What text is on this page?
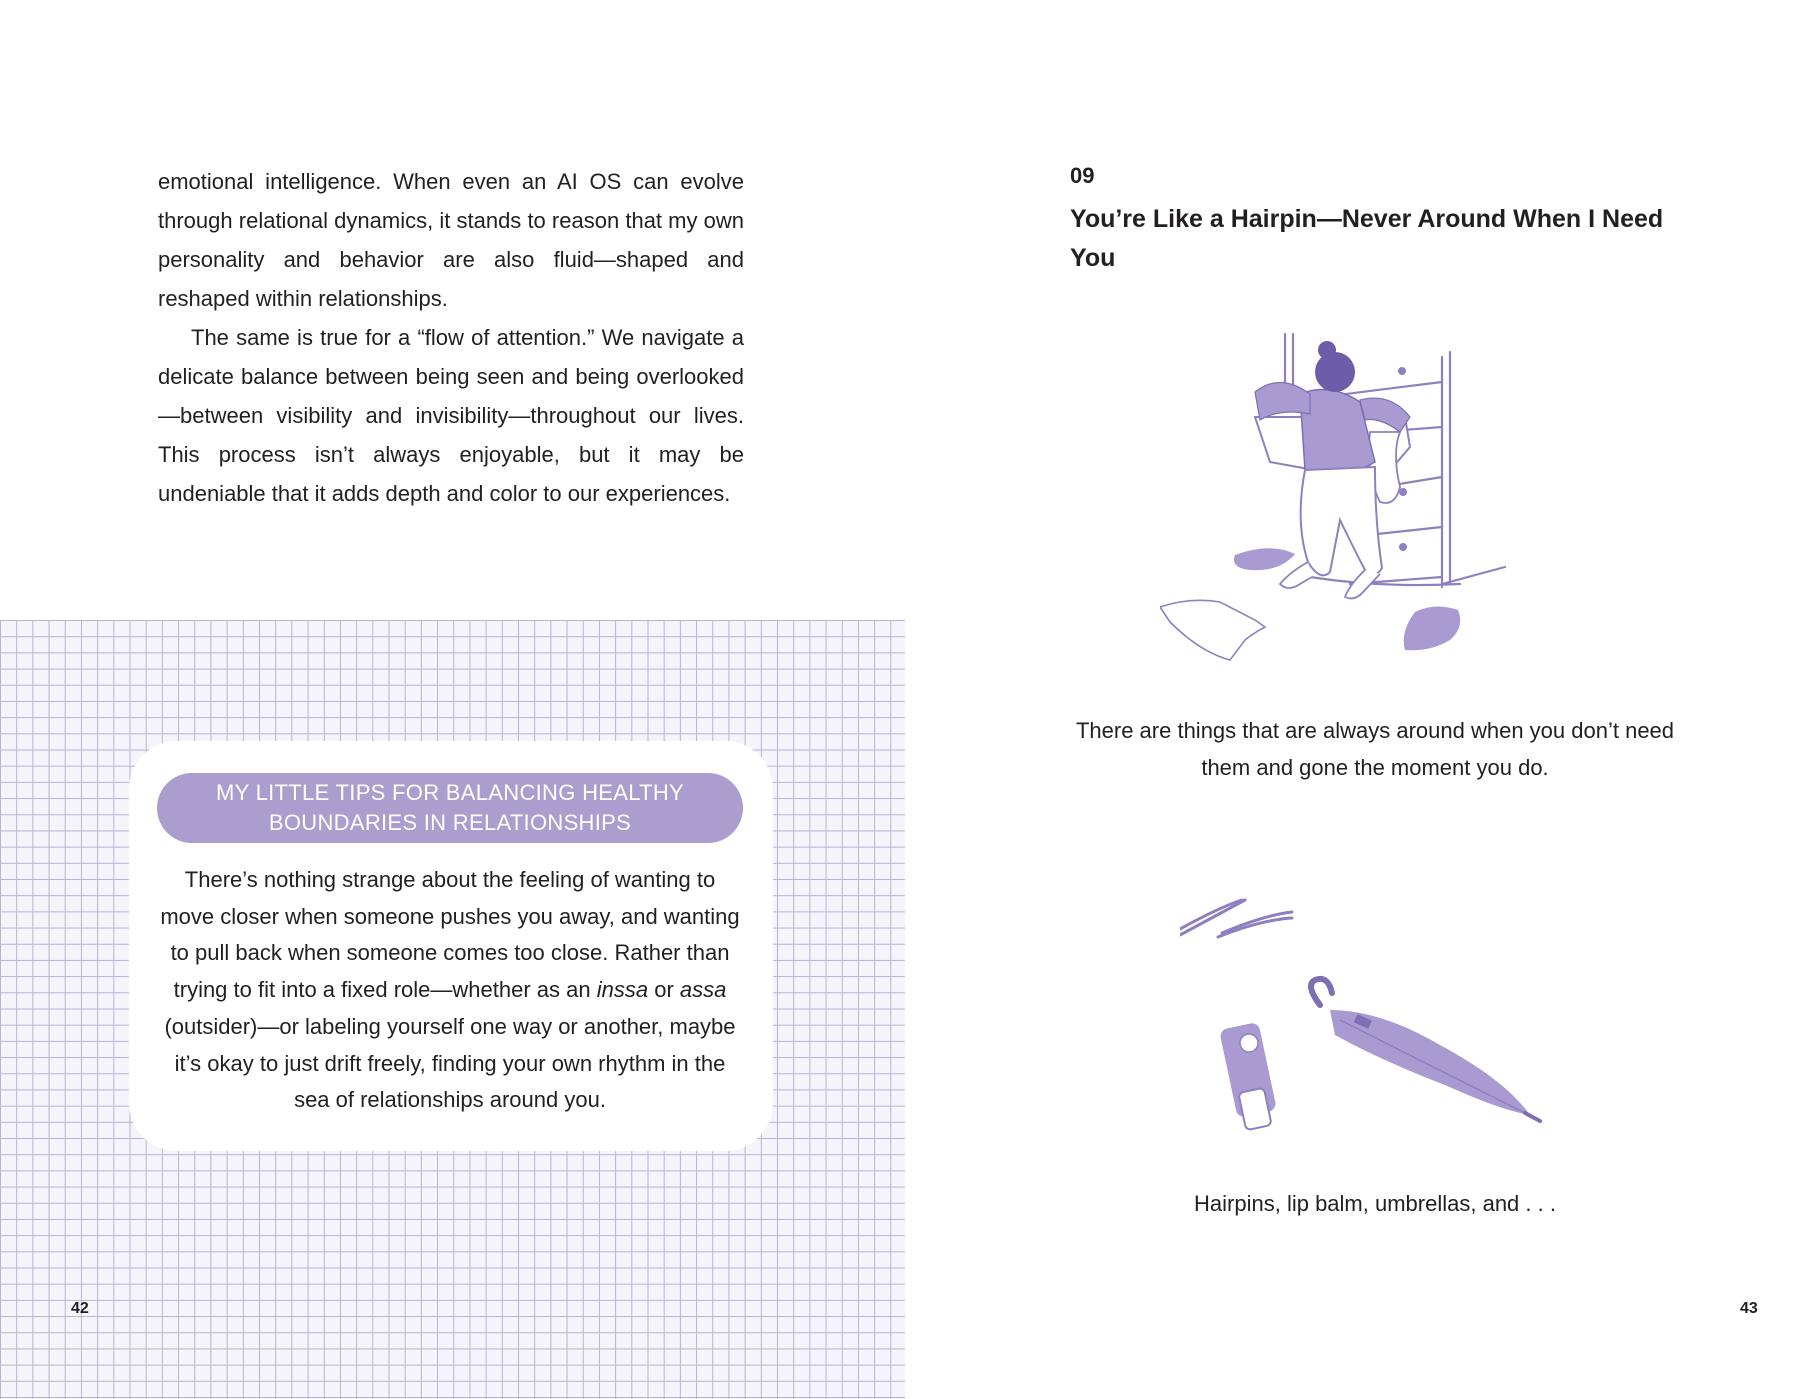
emotional intelligence. When even an AI OS can evolve through relational dynamics, it stands to reason that my own personality and behavior are also fluid—shaped and reshaped within relationships.

The same is true for a “flow of attention.” We navigate a delicate balance between being seen and being overlooked—between visibility and invisibility—throughout our lives. This process isn’t always enjoyable, but it may be undeniable that it adds depth and color to our experiences.

MY LITTLE TIPS FOR BALANCING HEALTHY
BOUNDARIES IN RELATIONSHIPS

There’s nothing strange about the feeling of wanting to move closer when someone pushes you away, and wanting to pull back when someone comes too close. Rather than trying to fit into a fixed role—whether as an inssa or assa (outsider)—or labeling yourself one way or another, maybe it’s okay to just drift freely, finding your own rhythm in the sea of relationships around you.

42
09

You’re Like a Hairpin—Never Around When I Need You

There are things that are always around when you don’t need them and gone the moment you do.

Hairpins, lip balm, umbrellas, and . . .

43
